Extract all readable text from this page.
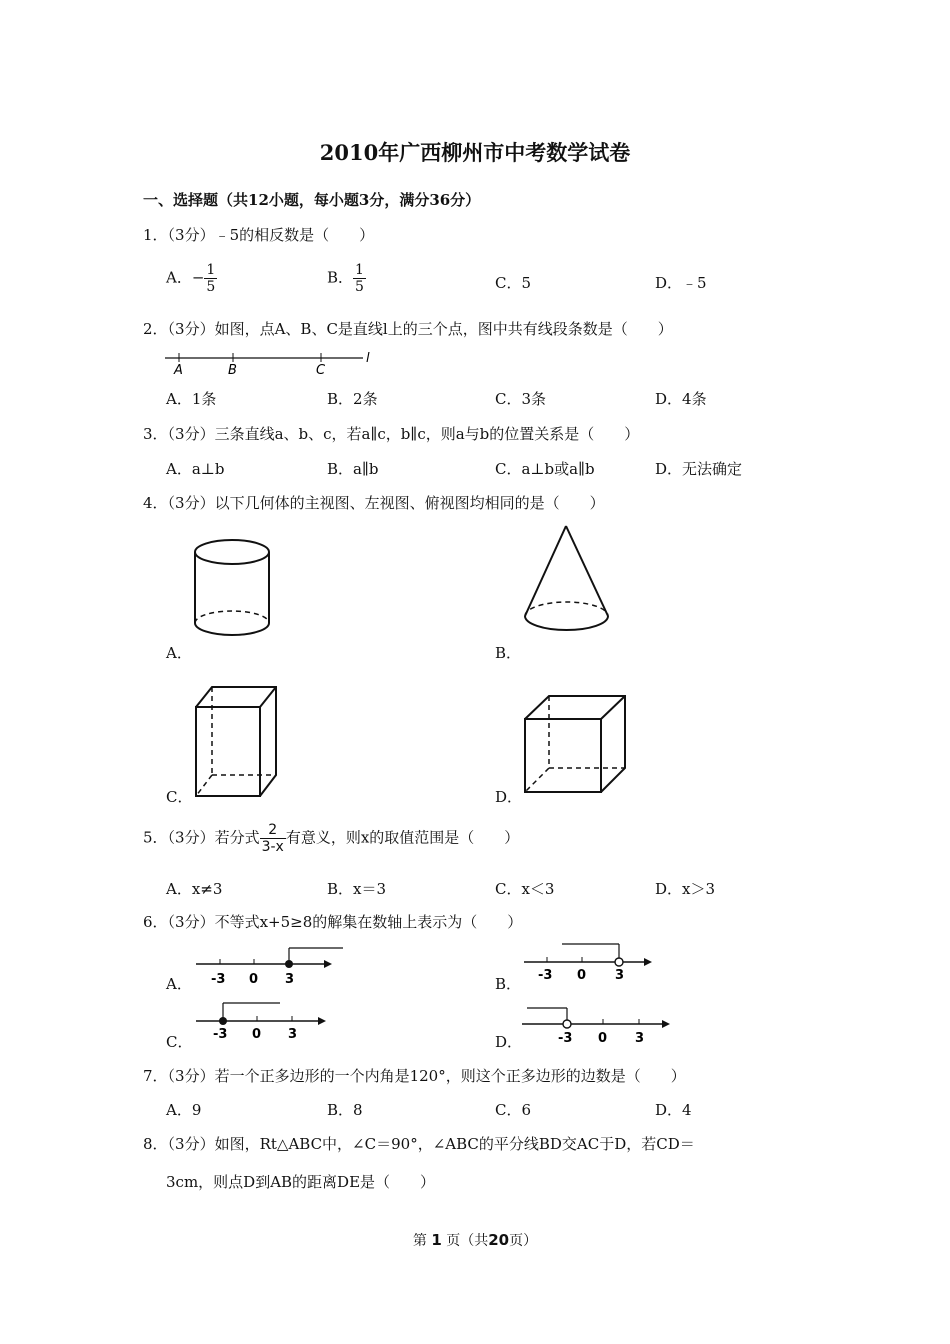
2010年广西柳州市中考数学试卷
一、选择题（共12小题，每小题3分，满分36分）
1．（3分）﹣5的相反数是（　　）
A．− $\frac{1}{5}$	B． $\frac{1}{5}$	C．5	D．﹣5
2．（3分）如图，点A、B、C是直线l上的三个点，图中共有线段条数是（　　）
A	B	C
l
A．1条	B．2条	C．3条	D．4条
3．（3分）三条直线a、b、c，若a∥c，b∥c，则a与b的位置关系是（　　）
A．a⊥b	B．a∥b	C．a⊥b或a∥b	D．无法确定
4．（3分）以下几何体的主视图、左视图、俯视图均相同的是（　　）
A．	B．
C．	D．
5．（3分）若分式 $\frac{2}{3-x}$ 有意义，则x的取值范围是（　　）
A．x≠3	B．x＝3	C．x＜3	D．x＞3
6．（3分）不等式x+5≥8的解集在数轴上表示为（　　）
-3 0 3
A．	-3 0 3
B．
-3 0 3
C．	-3 0 3
D．
7．（3分）若一个正多边形的一个内角是120°，则这个正多边形的边数是（　　）
A．9	B．8	C．6	D．4
8．（3分）如图，Rt△ABC中，∠C＝90°，∠ABC的平分线BD交AC于D，若CD＝
3cm，则点D到AB的距离DE是（　　）
第 1 页（共20页）
